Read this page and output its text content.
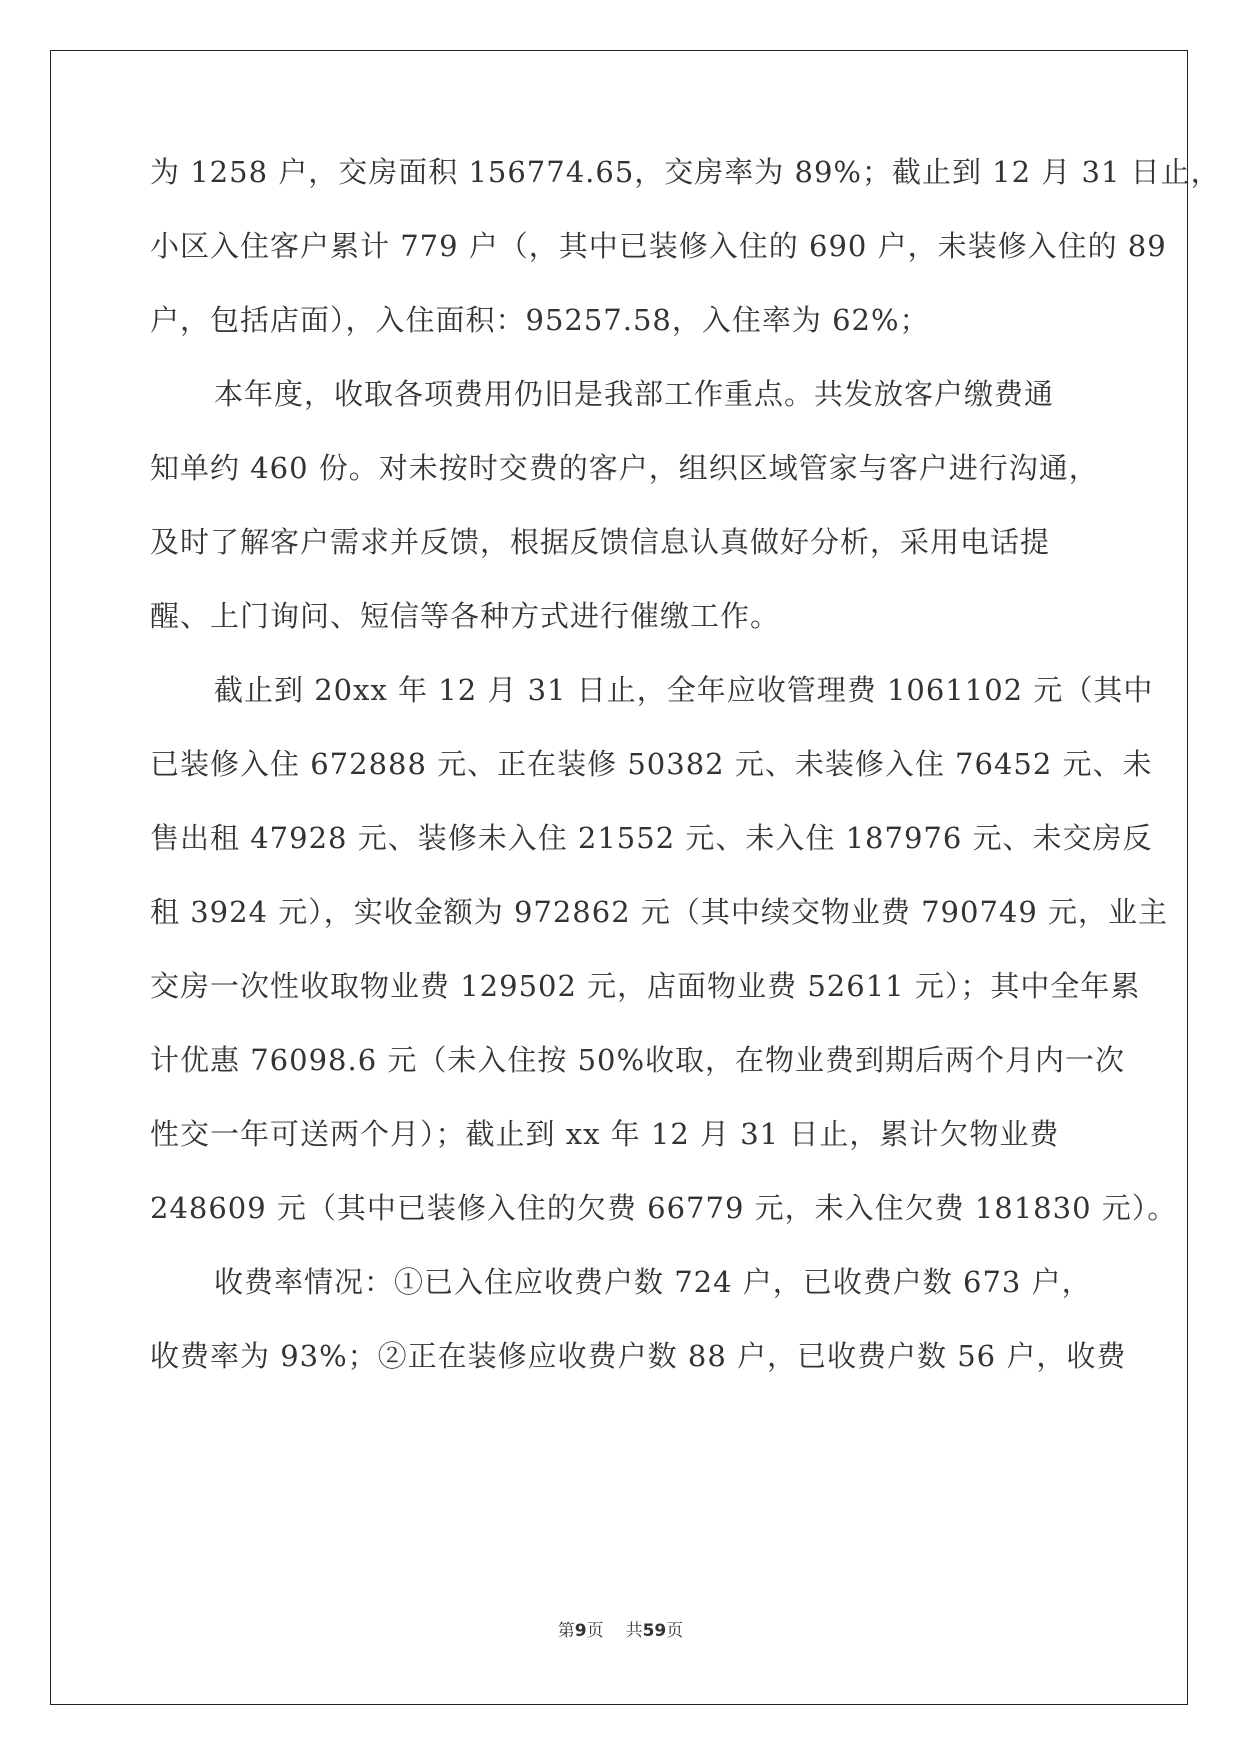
为 1258 户，交房面积 156774.65，交房率为 89%；截止到 12 月 31 日止，
小区入住客户累计 779 户（，其中已装修入住的 690 户，未装修入住的 89
户，包括店面），入住面积：95257.58，入住率为 62%；
本年度，收取各项费用仍旧是我部工作重点。共发放客户缴费通
知单约 460 份。对未按时交费的客户，组织区域管家与客户进行沟通，
及时了解客户需求并反馈，根据反馈信息认真做好分析，采用电话提
醒、上门询问、短信等各种方式进行催缴工作。
截止到 20xx 年 12 月 31 日止，全年应收管理费 1061102 元（其中
已装修入住 672888 元、正在装修 50382 元、未装修入住 76452 元、未
售出租 47928 元、装修未入住 21552 元、未入住 187976 元、未交房反
租 3924 元），实收金额为 972862 元（其中续交物业费 790749 元，业主
交房一次性收取物业费 129502 元，店面物业费 52611 元）；其中全年累
计优惠 76098.6 元（未入住按 50%收取，在物业费到期后两个月内一次
性交一年可送两个月）；截止到 xx 年 12 月 31 日止，累计欠物业费
248609 元（其中已装修入住的欠费 66779 元，未入住欠费 181830 元）。
收费率情况：①已入住应收费户数 724 户，已收费户数 673 户，
收费率为 93%；②正在装修应收费户数 88 户，已收费户数 56 户，收费
第9页 共59页
